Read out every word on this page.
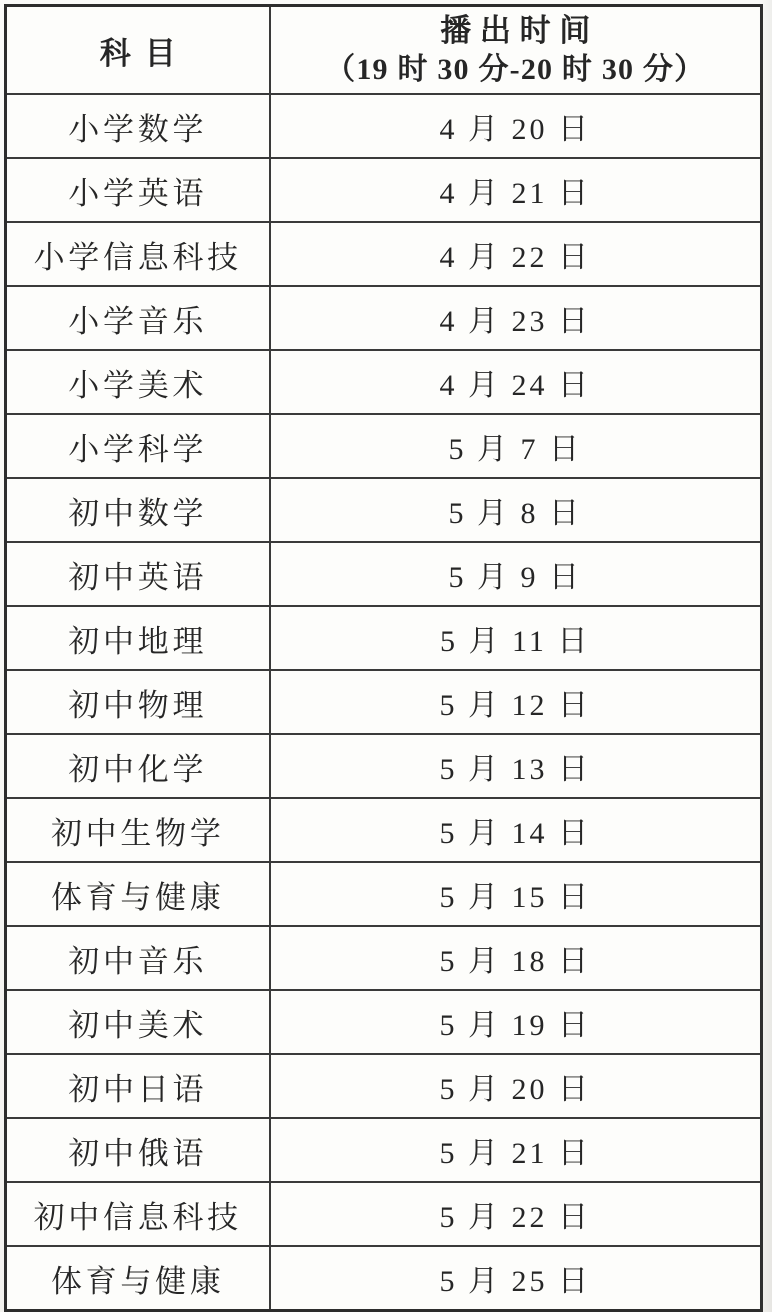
科目	播出时间
（19 时 30 分-20 时 30 分）

小学数学	4 月 20 日
小学英语	4 月 21 日
小学信息科技	4 月 22 日
小学音乐	4 月 23 日
小学美术	4 月 24 日
小学科学	5 月 7 日
初中数学	5 月 8 日
初中英语	5 月 9 日
初中地理	5 月 11 日
初中物理	5 月 12 日
初中化学	5 月 13 日
初中生物学	5 月 14 日
体育与健康	5 月 15 日
初中音乐	5 月 18 日
初中美术	5 月 19 日
初中日语	5 月 20 日
初中俄语	5 月 21 日
初中信息科技	5 月 22 日
体育与健康	5 月 25 日
